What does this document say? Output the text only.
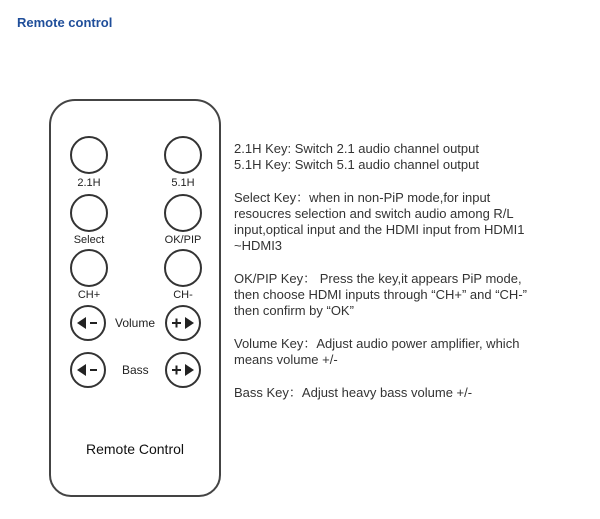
Remote control
2.1H	5.1H
Select	OK/PIP
CH+	CH-
Volume
Bass
Remote Control

2.1H Key: Switch 2.1 audio channel output

5.1H Key: Switch 5.1 audio channel output

Select Key：when in non-PiP mode,for input

resoucres selection and switch audio among R/L

input,optical input and the HDMI input from HDMI1

~HDMI3

OK/PIP Key： Press the key,it appears PiP mode,

then choose HDMI inputs through “CH+” and “CH-”

then confirm by “OK”

Volume Key：Adjust audio power amplifier, which

means volume +/-

Bass Key：Adjust heavy bass volume +/-
